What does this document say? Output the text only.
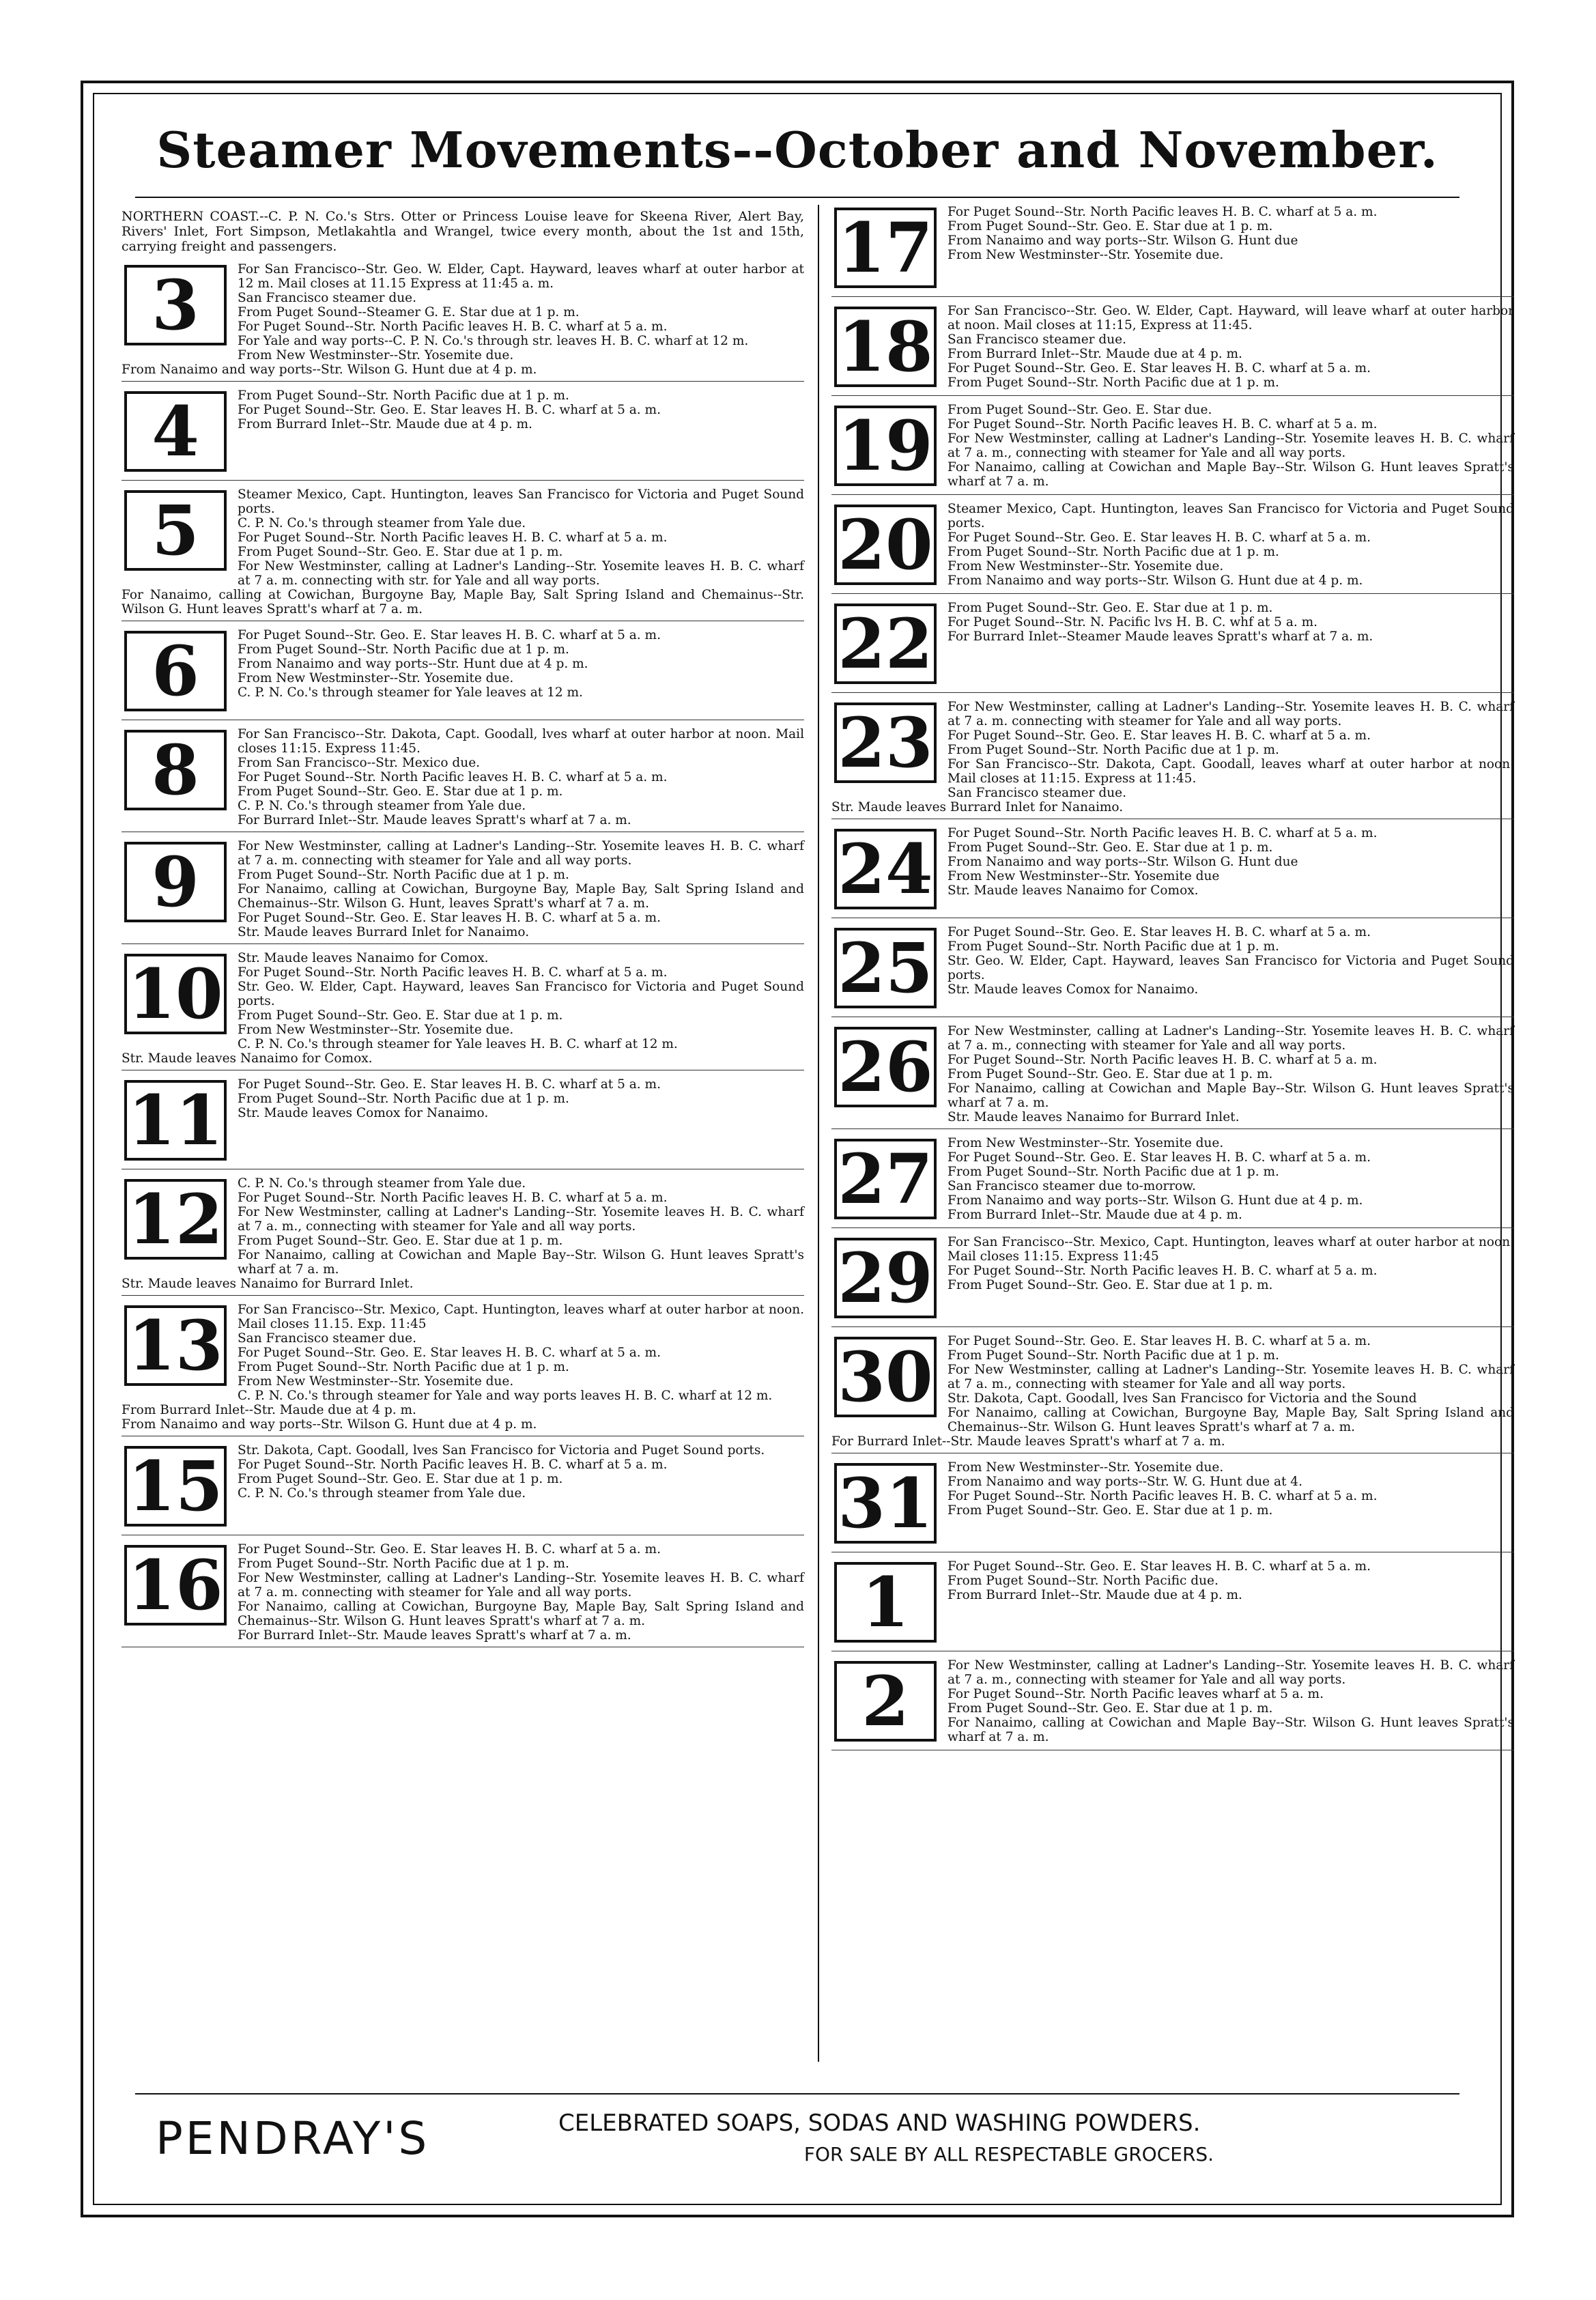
Steamer Movements--October and November.

NORTHERN COAST.--C. P. N. Co.'s Strs. Otter or Princess Louise leave for Skeena River, Alert Bay, Rivers' Inlet, Fort Simpson, Metlakahtla and Wrangel, twice every month, about the 1st and 15th, carrying freight and passengers.

3	For San Francisco--Str. Geo. W. Elder, Capt. Hayward, leaves wharf at outer harbor at 12 m. Mail closes at 11.15 Express at 11:45 a. m.

San Francisco steamer due.

From Puget Sound--Steamer G. E. Star due at 1 p. m.

For Puget Sound--Str. North Pacific leaves H. B. C. wharf at 5 a. m.

For Yale and way ports--C. P. N. Co.'s through str. leaves H. B. C. wharf at 12 m.

From New Westminster--Str. Yosemite due.

From Nanaimo and way ports--Str. Wilson G. Hunt due at 4 p. m.

4	From Puget Sound--Str. North Pacific due at 1 p. m.

For Puget Sound--Str. Geo. E. Star leaves H. B. C. wharf at 5 a. m.

From Burrard Inlet--Str. Maude due at 4 p. m.

5	Steamer Mexico, Capt. Huntington, leaves San Francisco for Victoria and Puget Sound ports.

C. P. N. Co.'s through steamer from Yale due.

For Puget Sound--Str. North Pacific leaves H. B. C. wharf at 5 a. m.

From Puget Sound--Str. Geo. E. Star due at 1 p. m.

For New Westminster, calling at Ladner's Landing--Str. Yosemite leaves H. B. C. wharf at 7 a. m. connecting with str. for Yale and all way ports.

For Nanaimo, calling at Cowichan, Burgoyne Bay, Maple Bay, Salt Spring Island and Chemainus--Str. Wilson G. Hunt leaves Spratt's wharf at 7 a. m.

6	For Puget Sound--Str. Geo. E. Star leaves H. B. C. wharf at 5 a. m.

From Puget Sound--Str. North Pacific due at 1 p. m.

From Nanaimo and way ports--Str. Hunt due at 4 p. m.

From New Westminster--Str. Yosemite due.

C. P. N. Co.'s through steamer for Yale leaves at 12 m.

8	For San Francisco--Str. Dakota, Capt. Goodall, lves wharf at outer harbor at noon. Mail closes 11:15. Express 11:45.

From San Francisco--Str. Mexico due.

For Puget Sound--Str. North Pacific leaves H. B. C. wharf at 5 a. m.

From Puget Sound--Str. Geo. E. Star due at 1 p. m.

C. P. N. Co.'s through steamer from Yale due.

For Burrard Inlet--Str. Maude leaves Spratt's wharf at 7 a. m.

9	For New Westminster, calling at Ladner's Landing--Str. Yosemite leaves H. B. C. wharf at 7 a. m. connecting with steamer for Yale and all way ports.

From Puget Sound--Str. North Pacific due at 1 p. m.

For Nanaimo, calling at Cowichan, Burgoyne Bay, Maple Bay, Salt Spring Island and Chemainus--Str. Wilson G. Hunt, leaves Spratt's wharf at 7 a. m.

For Puget Sound--Str. Geo. E. Star leaves H. B. C. wharf at 5 a. m.

Str. Maude leaves Burrard Inlet for Nanaimo.

10	Str. Maude leaves Nanaimo for Comox.

For Puget Sound--Str. North Pacific leaves H. B. C. wharf at 5 a. m.

Str. Geo. W. Elder, Capt. Hayward, leaves San Francisco for Victoria and Puget Sound ports.

From Puget Sound--Str. Geo. E. Star due at 1 p. m.

From New Westminster--Str. Yosemite due.

C. P. N. Co.'s through steamer for Yale leaves H. B. C. wharf at 12 m.

Str. Maude leaves Nanaimo for Comox.

11	For Puget Sound--Str. Geo. E. Star leaves H. B. C. wharf at 5 a. m.

From Puget Sound--Str. North Pacific due at 1 p. m.

Str. Maude leaves Comox for Nanaimo.

12	C. P. N. Co.'s through steamer from Yale due.

For Puget Sound--Str. North Pacific leaves H. B. C. wharf at 5 a. m.

For New Westminster, calling at Ladner's Landing--Str. Yosemite leaves H. B. C. wharf at 7 a. m., connecting with steamer for Yale and all way ports.

From Puget Sound--Str. Geo. E. Star due at 1 p. m.

For Nanaimo, calling at Cowichan and Maple Bay--Str. Wilson G. Hunt leaves Spratt's wharf at 7 a. m.

Str. Maude leaves Nanaimo for Burrard Inlet.

13	For San Francisco--Str. Mexico, Capt. Huntington, leaves wharf at outer harbor at noon. Mail closes 11.15. Exp. 11:45

San Francisco steamer due.

For Puget Sound--Str. Geo. E. Star leaves H. B. C. wharf at 5 a. m.

From Puget Sound--Str. North Pacific due at 1 p. m.

From New Westminster--Str. Yosemite due.

C. P. N. Co.'s through steamer for Yale and way ports leaves H. B. C. wharf at 12 m.

From Burrard Inlet--Str. Maude due at 4 p. m.

From Nanaimo and way ports--Str. Wilson G. Hunt due at 4 p. m.

15	Str. Dakota, Capt. Goodall, lves San Francisco for Victoria and Puget Sound ports.

For Puget Sound--Str. North Pacific leaves H. B. C. wharf at 5 a. m.

From Puget Sound--Str. Geo. E. Star due at 1 p. m.

C. P. N. Co.'s through steamer from Yale due.

16	For Puget Sound--Str. Geo. E. Star leaves H. B. C. wharf at 5 a. m.

From Puget Sound--Str. North Pacific due at 1 p. m.

For New Westminster, calling at Ladner's Landing--Str. Yosemite leaves H. B. C. wharf at 7 a. m. connecting with steamer for Yale and all way ports.

For Nanaimo, calling at Cowichan, Burgoyne Bay, Maple Bay, Salt Spring Island and Chemainus--Str. Wilson G. Hunt leaves Spratt's wharf at 7 a. m.

For Burrard Inlet--Str. Maude leaves Spratt's wharf at 7 a. m.

17	For Puget Sound--Str. North Pacific leaves H. B. C. wharf at 5 a. m.

From Puget Sound--Str. Geo. E. Star due at 1 p. m.

From Nanaimo and way ports--Str. Wilson G. Hunt due

From New Westminster--Str. Yosemite due.

18	For San Francisco--Str. Geo. W. Elder, Capt. Hayward, will leave wharf at outer harbor at noon. Mail closes at 11:15, Express at 11:45.

San Francisco steamer due.

From Burrard Inlet--Str. Maude due at 4 p. m.

For Puget Sound--Str. Geo. E. Star leaves H. B. C. wharf at 5 a. m.

From Puget Sound--Str. North Pacific due at 1 p. m.

19	From Puget Sound--Str. Geo. E. Star due.

For Puget Sound--Str. North Pacific leaves H. B. C. wharf at 5 a. m.

For New Westminster, calling at Ladner's Landing--Str. Yosemite leaves H. B. C. wharf at 7 a. m., connecting with steamer for Yale and all way ports.

For Nanaimo, calling at Cowichan and Maple Bay--Str. Wilson G. Hunt leaves Spratt's wharf at 7 a. m.

20	Steamer Mexico, Capt. Huntington, leaves San Francisco for Victoria and Puget Sound ports.

For Puget Sound--Str. Geo. E. Star leaves H. B. C. wharf at 5 a. m.

From Puget Sound--Str. North Pacific due at 1 p. m.

From New Westminster--Str. Yosemite due.

From Nanaimo and way ports--Str. Wilson G. Hunt due at 4 p. m.

22	From Puget Sound--Str. Geo. E. Star due at 1 p. m.

For Puget Sound--Str. N. Pacific lvs H. B. C. whf at 5 a. m.

For Burrard Inlet--Steamer Maude leaves Spratt's wharf at 7 a. m.

23	For New Westminster, calling at Ladner's Landing--Str. Yosemite leaves H. B. C. wharf at 7 a. m. connecting with steamer for Yale and all way ports.

For Puget Sound--Str. Geo. E. Star leaves H. B. C. wharf at 5 a. m.

From Puget Sound--Str. North Pacific due at 1 p. m.

For San Francisco--Str. Dakota, Capt. Goodall, leaves wharf at outer harbor at noon. Mail closes at 11:15. Express at 11:45.

San Francisco steamer due.

Str. Maude leaves Burrard Inlet for Nanaimo.

24	For Puget Sound--Str. North Pacific leaves H. B. C. wharf at 5 a. m.

From Puget Sound--Str. Geo. E. Star due at 1 p. m.

From Nanaimo and way ports--Str. Wilson G. Hunt due

From New Westminster--Str. Yosemite due

Str. Maude leaves Nanaimo for Comox.

25	For Puget Sound--Str. Geo. E. Star leaves H. B. C. wharf at 5 a. m.

From Puget Sound--Str. North Pacific due at 1 p. m.

Str. Geo. W. Elder, Capt. Hayward, leaves San Francisco for Victoria and Puget Sound ports.

Str. Maude leaves Comox for Nanaimo.

26	For New Westminster, calling at Ladner's Landing--Str. Yosemite leaves H. B. C. wharf at 7 a. m., connecting with steamer for Yale and all way ports.

For Puget Sound--Str. North Pacific leaves H. B. C. wharf at 5 a. m.

From Puget Sound--Str. Geo. E. Star due at 1 p. m.

For Nanaimo, calling at Cowichan and Maple Bay--Str. Wilson G. Hunt leaves Spratt's wharf at 7 a. m.

Str. Maude leaves Nanaimo for Burrard Inlet.

27	From New Westminster--Str. Yosemite due.

For Puget Sound--Str. Geo. E. Star leaves H. B. C. wharf at 5 a. m.

From Puget Sound--Str. North Pacific due at 1 p. m.

San Francisco steamer due to-morrow.

From Nanaimo and way ports--Str. Wilson G. Hunt due at 4 p. m.

From Burrard Inlet--Str. Maude due at 4 p. m.

29	For San Francisco--Str. Mexico, Capt. Huntington, leaves wharf at outer harbor at noon. Mail closes 11:15. Express 11:45

For Puget Sound--Str. North Pacific leaves H. B. C. wharf at 5 a. m.

From Puget Sound--Str. Geo. E. Star due at 1 p. m.

30	For Puget Sound--Str. Geo. E. Star leaves H. B. C. wharf at 5 a. m.

From Puget Sound--Str. North Pacific due at 1 p. m.

For New Westminster, calling at Ladner's Landing--Str. Yosemite leaves H. B. C. wharf at 7 a. m., connecting with steamer for Yale and all way ports.

Str. Dakota, Capt. Goodall, lves San Francisco for Victoria and the Sound

For Nanaimo, calling at Cowichan, Burgoyne Bay, Maple Bay, Salt Spring Island and Chemainus--Str. Wilson G. Hunt leaves Spratt's wharf at 7 a. m.

For Burrard Inlet--Str. Maude leaves Spratt's wharf at 7 a. m.

31	From New Westminster--Str. Yosemite due.

From Nanaimo and way ports--Str. W. G. Hunt due at 4.

For Puget Sound--Str. North Pacific leaves H. B. C. wharf at 5 a. m.

From Puget Sound--Str. Geo. E. Star due at 1 p. m.

1	For Puget Sound--Str. Geo. E. Star leaves H. B. C. wharf at 5 a. m.

From Puget Sound--Str. North Pacific due.

From Burrard Inlet--Str. Maude due at 4 p. m.

2	For New Westminster, calling at Ladner's Landing--Str. Yosemite leaves H. B. C. wharf at 7 a. m., connecting with steamer for Yale and all way ports.

For Puget Sound--Str. North Pacific leaves wharf at 5 a. m.

From Puget Sound--Str. Geo. E. Star due at 1 p. m.

For Nanaimo, calling at Cowichan and Maple Bay--Str. Wilson G. Hunt leaves Spratt's wharf at 7 a. m.

PENDRAY'S	CELEBRATED SOAPS, SODAS AND WASHING POWDERS.
FOR SALE BY ALL RESPECTABLE GROCERS.
